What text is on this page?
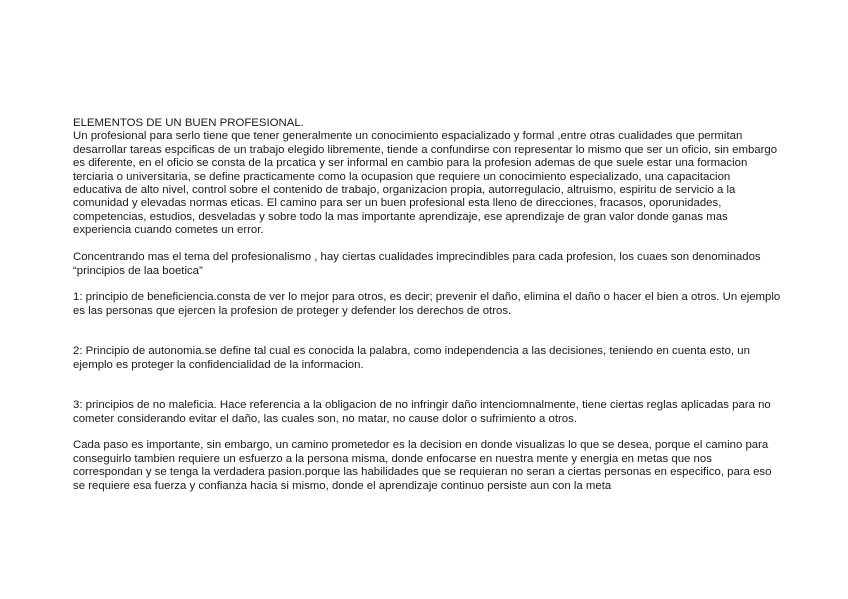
ELEMENTOS DE UN BUEN PROFESIONAL.

Un profesional para serlo tiene que tener generalmente un conocimiento espacializado y formal ,entre otras cualidades que permitan desarrollar tareas espcificas de un trabajo elegido libremente, tiende a confundirse con representar lo mismo que ser un oficio, sin embargo es diferente, en el oficio se consta de la prcatica y ser informal en cambio para la profesion ademas de que suele estar una formacion terciaria o universitaria, se define practicamente como la ocupasion que requiere un conocimiento especializado, una capacitacion educativa de alto nivel, control sobre el contenido de trabajo, organizacion propia, autorregulacio, altruismo, espiritu de servicio a la comunidad y elevadas normas eticas. El camino para ser un buen profesional esta lleno de direcciones, fracasos, oporunidades, competencias, estudios, desveladas y sobre todo la mas importante aprendizaje, ese aprendizaje de gran valor donde ganas mas experiencia cuando cometes un error.

Concentrando mas el tema del profesionalismo , hay ciertas cualidades imprecindibles para cada profesion, los cuaes son denominados “principios de laa boetica”

1: principio de beneficiencia.consta de ver lo mejor para otros, es decir; prevenir el daño, elimina el daño o hacer el bien a otros. Un ejemplo es las personas que ejercen la profesion de proteger y defender los derechos de otros.

2: Principio de autonomia.se define tal cual es conocida la palabra, como independencia a las decisiones, teniendo en cuenta esto, un ejemplo es proteger la confidencialidad de la informacion.

3: principios de no maleficia. Hace referencia a la obligacion de no infringir daño intenciomnalmente, tiene ciertas reglas aplicadas para no cometer considerando evitar el daño, las cuales son, no matar, no cause dolor o sufrimiento a otros.

Cada paso es importante, sin embargo, un camino prometedor es la decision en donde visualizas lo que se desea, porque el camino para conseguirlo tambien requiere un esfuerzo a la persona misma, donde enfocarse en nuestra mente y energia en metas que nos correspondan y se tenga la verdadera pasion.porque las habilidades que se requieran no seran a ciertas personas en especifico, para eso se requiere esa fuerza y confianza hacia si mismo, donde el aprendizaje continuo persiste aun con la meta
